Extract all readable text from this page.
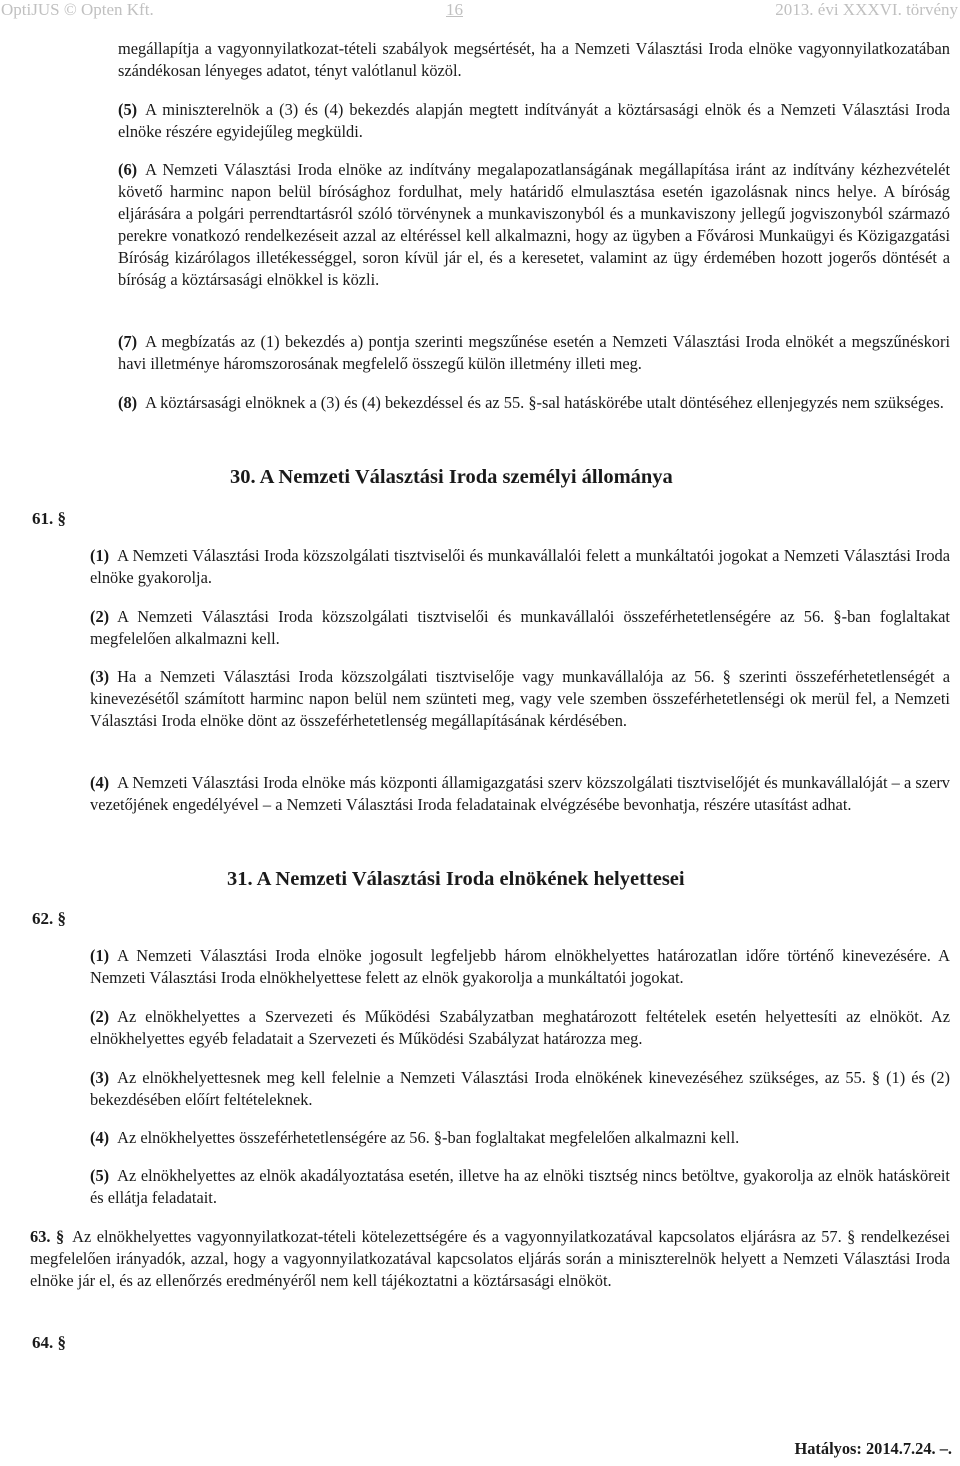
OptiJUS © Opten Kft.	16	2013. évi XXXVI. törvény
megállapítja a vagyonnyilatkozat-tételi szabályok megsértését, ha a Nemzeti Választási Iroda elnöke vagyonnyilatkozatában szándékosan lényeges adatot, tényt valótlanul közöl.
(5) A miniszterelnök a (3) és (4) bekezdés alapján megtett indítványát a köztársasági elnök és a Nemzeti Választási Iroda elnöke részére egyidejűleg megküldi.
(6) A Nemzeti Választási Iroda elnöke az indítvány megalapozatlanságának megállapítása iránt az indítvány kézhezvételét követő harminc napon belül bírósághoz fordulhat, mely határidő elmulasztása esetén igazolásnak nincs helye. A bíróság eljárására a polgári perrendtartásról szóló törvénynek a munkaviszonyból és a munkaviszony jellegű jogviszonyból származó perekre vonatkozó rendelkezéseit azzal az eltéréssel kell alkalmazni, hogy az ügyben a Fővárosi Munkaügyi és Közigazgatási Bíróság kizárólagos illetékességgel, soron kívül jár el, és a keresetet, valamint az ügy érdemében hozott jogerős döntését a bíróság a köztársasági elnökkel is közli.
(7) A megbízatás az (1) bekezdés a) pontja szerinti megszűnése esetén a Nemzeti Választási Iroda elnökét a megszűnéskori havi illetménye háromszorosának megfelelő összegű külön illetmény illeti meg.
(8) A köztársasági elnöknek a (3) és (4) bekezdéssel és az 55. §-sal hatáskörébe utalt döntéséhez ellenjegyzés nem szükséges.
30. A Nemzeti Választási Iroda személyi állománya
61. §
(1) A Nemzeti Választási Iroda közszolgálati tisztviselői és munkavállalói felett a munkáltatói jogokat a Nemzeti Választási Iroda elnöke gyakorolja.
(2) A Nemzeti Választási Iroda közszolgálati tisztviselői és munkavállalói összeférhetetlenségére az 56. §-ban foglaltakat megfelelően alkalmazni kell.
(3) Ha a Nemzeti Választási Iroda közszolgálati tisztviselője vagy munkavállalója az 56. § szerinti összeférhetetlenségét a kinevezésétől számított harminc napon belül nem szünteti meg, vagy vele szemben összeférhetetlenségi ok merül fel, a Nemzeti Választási Iroda elnöke dönt az összeférhetetlenség megállapításának kérdésében.
(4) A Nemzeti Választási Iroda elnöke más központi államigazgatási szerv közszolgálati tisztviselőjét és munkavállalóját – a szerv vezetőjének engedélyével – a Nemzeti Választási Iroda feladatainak elvégzésébe bevonhatja, részére utasítást adhat.
31. A Nemzeti Választási Iroda elnökének helyettesei
62. §
(1) A Nemzeti Választási Iroda elnöke jogosult legfeljebb három elnökhelyettes határozatlan időre történő kinevezésére. A Nemzeti Választási Iroda elnökhelyettese felett az elnök gyakorolja a munkáltatói jogokat.
(2) Az elnökhelyettes a Szervezeti és Működési Szabályzatban meghatározott feltételek esetén helyettesíti az elnököt. Az elnökhelyettes egyéb feladatait a Szervezeti és Működési Szabályzat határozza meg.
(3) Az elnökhelyettesnek meg kell felelnie a Nemzeti Választási Iroda elnökének kinevezéséhez szükséges, az 55. § (1) és (2) bekezdésében előírt feltételeknek.
(4) Az elnökhelyettes összeférhetetlenségére az 56. §-ban foglaltakat megfelelően alkalmazni kell.
(5) Az elnökhelyettes az elnök akadályoztatása esetén, illetve ha az elnöki tisztség nincs betöltve, gyakorolja az elnök hatásköreit és ellátja feladatait.
63. § Az elnökhelyettes vagyonnyilatkozat-tételi kötelezettségére és a vagyonnyilatkozatával kapcsolatos eljárásra az 57. § rendelkezései megfelelően irányadók, azzal, hogy a vagyonnyilatkozatával kapcsolatos eljárás során a miniszterelnök helyett a Nemzeti Választási Iroda elnöke jár el, és az ellenőrzés eredményéről nem kell tájékoztatni a köztársasági elnököt.
64. §
Hatályos: 2014.7.24. –.
